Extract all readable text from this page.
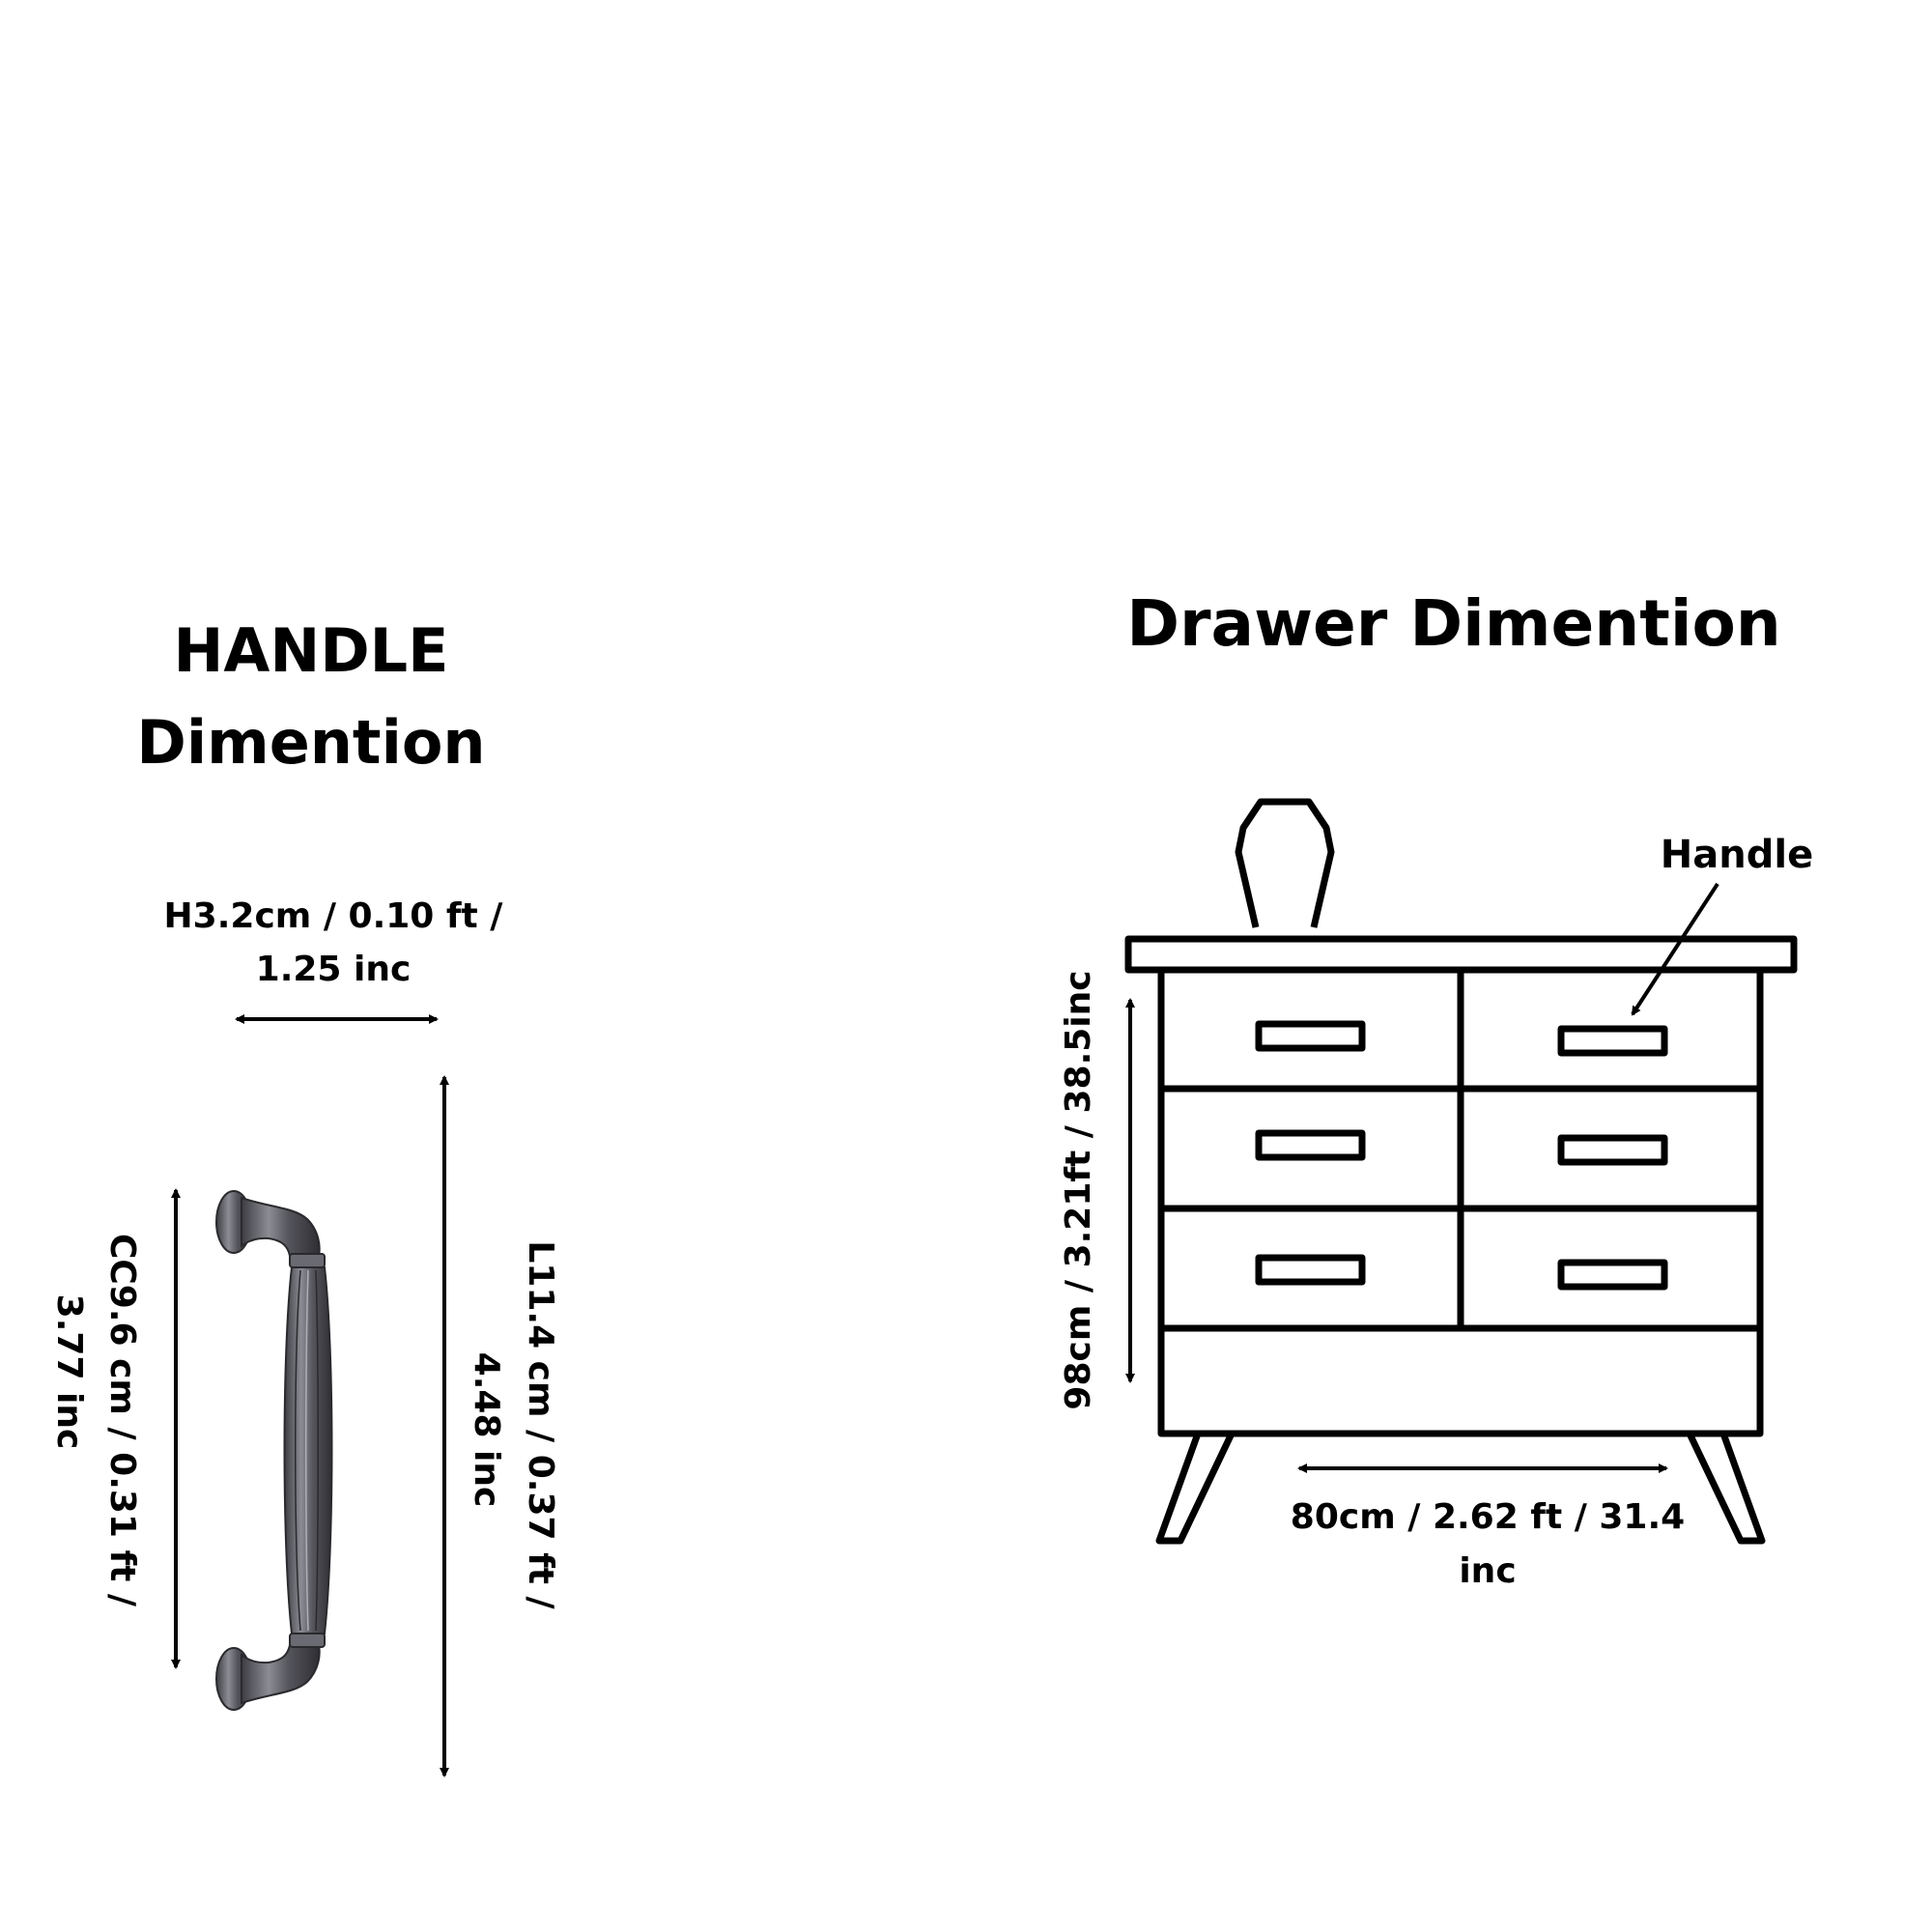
HANDLE
Dimention
H3.2cm / 0.10 ft /
1.25 inc
CC9.6 cm / 0.31 ft /
3.77 inc	L11.4 cm / 0.37 ft /
4.48 inc
Drawer Dimention
Handle
98cm / 3.21ft / 38.5inc
80cm / 2.62 ft / 31.4
inc
